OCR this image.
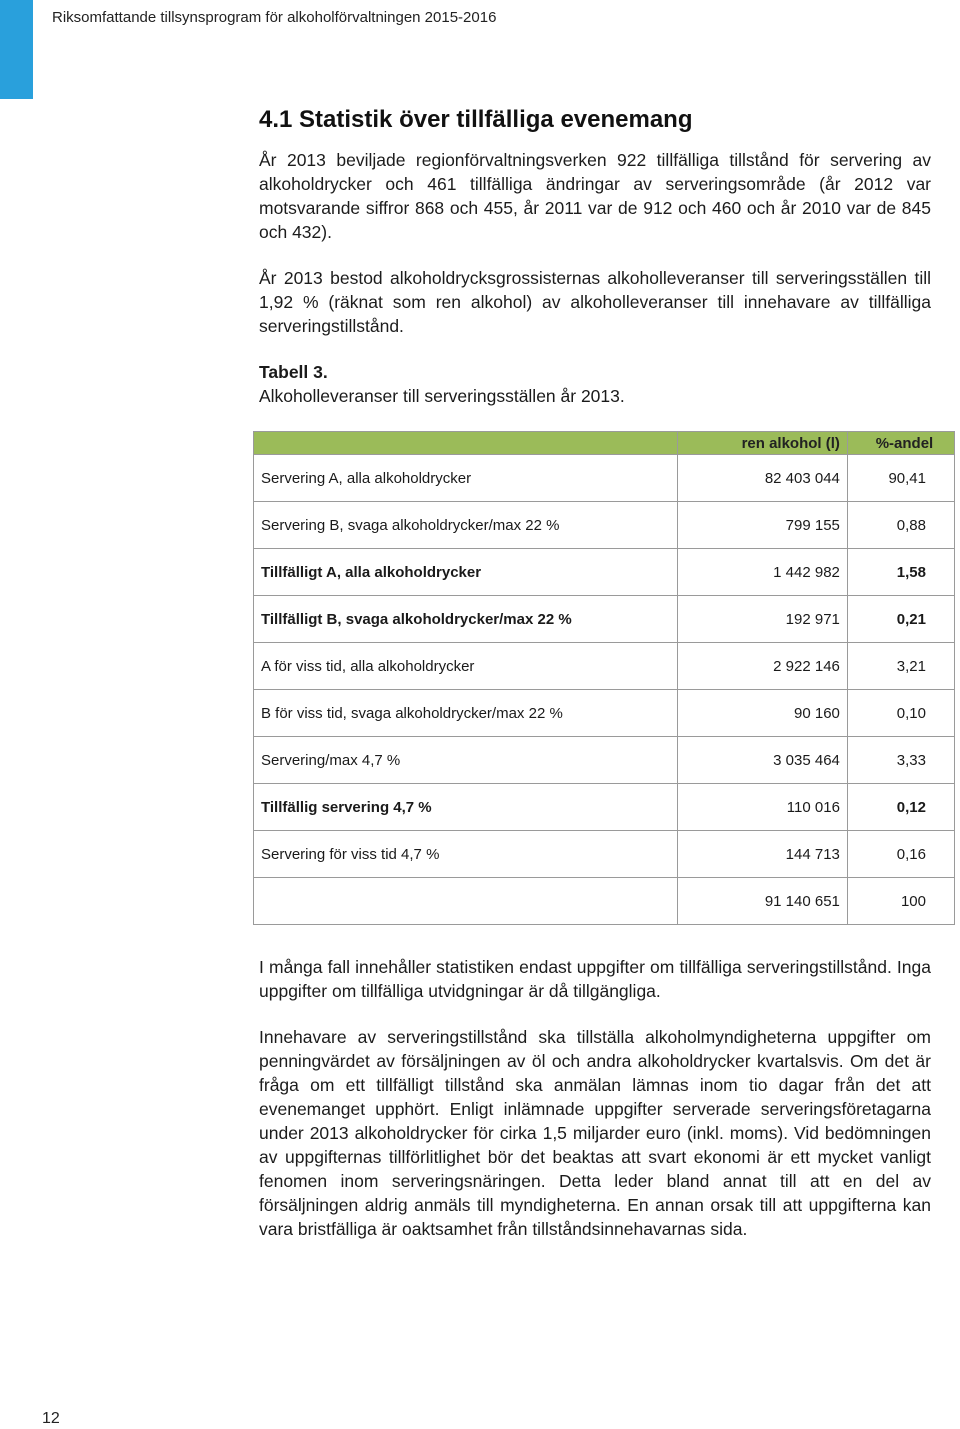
Riksomfattande tillsynsprogram för alkoholförvaltningen 2015-2016
4.1 Statistik över tillfälliga evenemang

År 2013 beviljade regionförvaltningsverken 922 tillfälliga tillstånd för servering av alkoholdrycker och 461 tillfälliga ändringar av serveringsområde (år 2012 var motsvarande siffror 868 och 455, år 2011 var de 912 och 460 och år 2010 var de 845 och 432).

År 2013 bestod alkoholdrycksgrossisternas alkoholleveranser till serveringsställen till 1,92 % (räknat som ren alkohol) av alkoholleveranser till innehavare av tillfälliga serveringstillstånd.

Tabell 3.

Alkoholleveranser till serveringsställen år 2013.

	ren alkohol (l)	%-andel
Servering A, alla alkoholdrycker	82 403 044	90,41
Servering B, svaga alkoholdrycker/max 22 %	799 155	0,88
Tillfälligt A, alla alkoholdrycker	1 442 982	1,58
Tillfälligt B, svaga alkoholdrycker/max 22 %	192 971	0,21
A för viss tid, alla alkoholdrycker	2 922 146	3,21
B för viss tid, svaga alkoholdrycker/max 22 %	90 160	0,10
Servering/max 4,7 %	3 035 464	3,33
Tillfällig servering 4,7 %	110 016	0,12
Servering för viss tid 4,7 %	144 713	0,16
	91 140 651	100

I många fall innehåller statistiken endast uppgifter om tillfälliga serveringstillstånd. Inga uppgifter om tillfälliga utvidgningar är då tillgängliga.

Innehavare av serveringstillstånd ska tillställa alkoholmyndigheterna uppgifter om penningvärdet av försäljningen av öl och andra alkoholdrycker kvartalsvis. Om det är fråga om ett tillfälligt tillstånd ska anmälan lämnas inom tio dagar från det att evenemanget upphört. Enligt inlämnade uppgifter serverade serveringsföretagarna under 2013 alkoholdrycker för cirka 1,5 miljarder euro (inkl. moms). Vid bedömningen av uppgifternas tillförlitlighet bör det beaktas att svart ekonomi är ett mycket vanligt fenomen inom serveringsnäringen. Detta leder bland annat till att en del av försäljningen aldrig anmäls till myndigheterna. En annan orsak till att uppgifterna kan vara bristfälliga är oaktsamhet från tillståndsinnehavarnas sida.

12
